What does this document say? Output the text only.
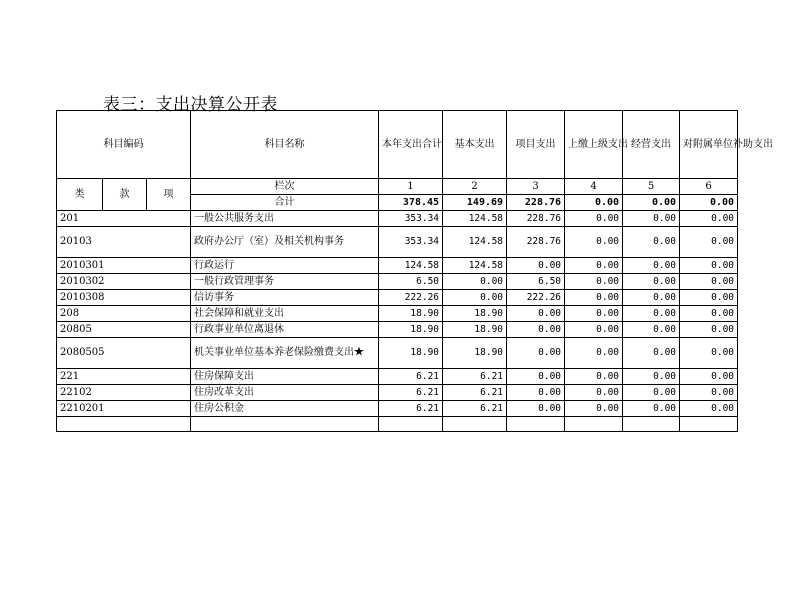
表三：支出决算公开表
科目编码			科目名称	本年支出合计	基本支出	项目支出	上缴上级支出	经营支出	对附属单位补助支出
类	款	项	栏次	1	2	3	4	5	6
			合计	378.45	149.69	228.76	0.00	0.00	0.00
201			一般公共服务支出	353.34	124.58	228.76	0.00	0.00	0.00
20103			政府办公厅（室）及相关机构事务	353.34	124.58	228.76	0.00	0.00	0.00
2010301			行政运行	124.58	124.58	0.00	0.00	0.00	0.00
2010302			一般行政管理事务	6.50	0.00	6.50	0.00	0.00	0.00
2010308			信访事务	222.26	0.00	222.26	0.00	0.00	0.00
208			社会保障和就业支出	18.90	18.90	0.00	0.00	0.00	0.00
20805			行政事业单位离退休	18.90	18.90	0.00	0.00	0.00	0.00
2080505			机关事业单位基本养老保险缴费支出★	18.90	18.90	0.00	0.00	0.00	0.00
221			住房保障支出	6.21	6.21	0.00	0.00	0.00	0.00
22102			住房改革支出	6.21	6.21	0.00	0.00	0.00	0.00
2210201			住房公积金	6.21	6.21	0.00	0.00	0.00	0.00
